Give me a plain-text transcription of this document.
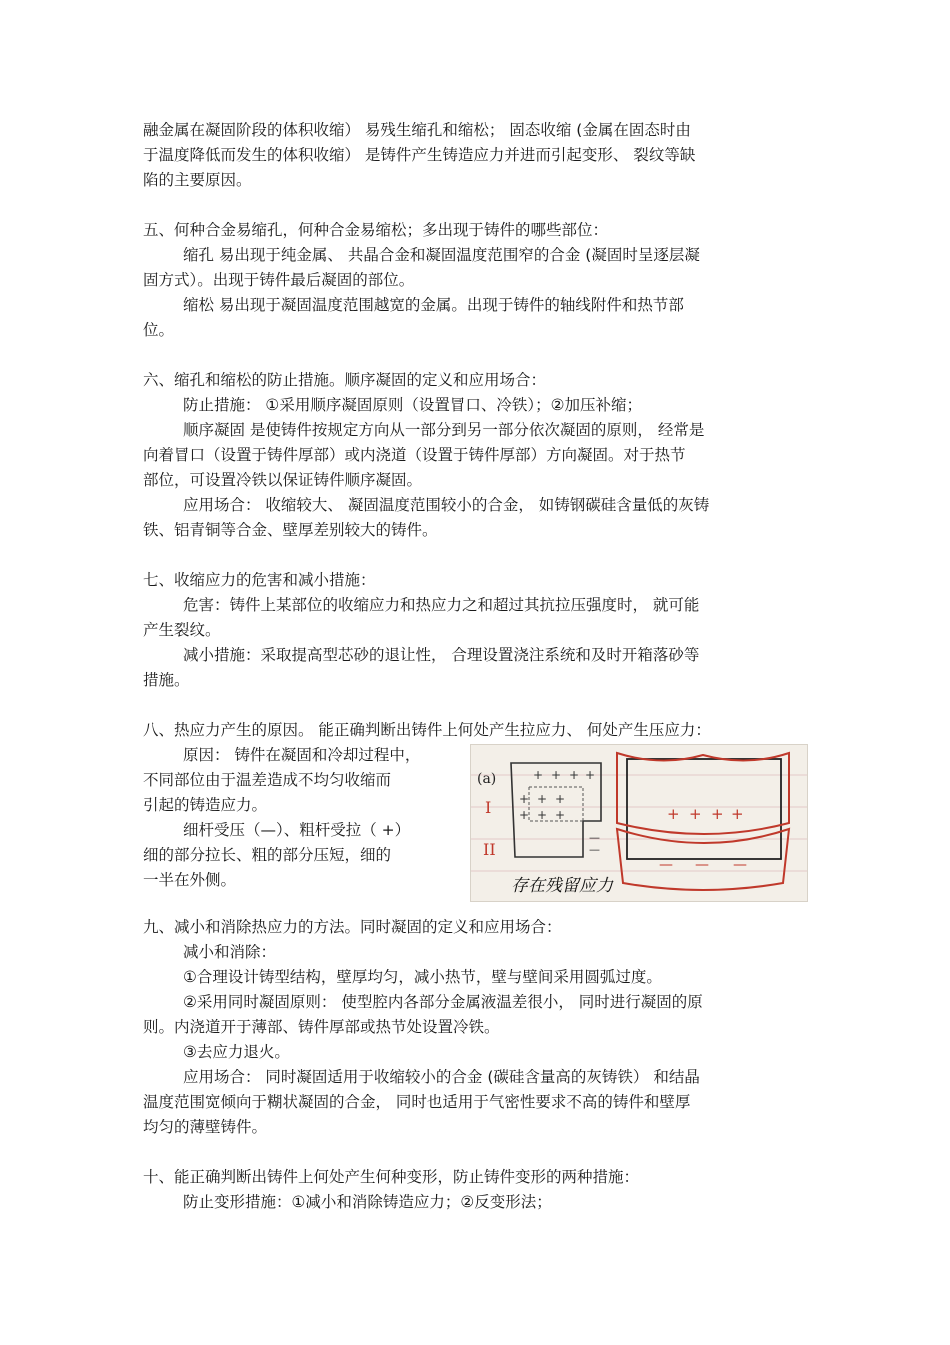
融金属在凝固阶段的体积收缩） 易残生缩孔和缩松； 固态收缩 (金属在固态时由
于温度降低而发生的体积收缩） 是铸件产生铸造应力并进而引起变形、 裂纹等缺
陷的主要原因。
五、何种合金易缩孔，何种合金易缩松；多出现于铸件的哪些部位：
缩孔 易出现于纯金属、 共晶合金和凝固温度范围窄的合金 (凝固时呈逐层凝
固方式）。出现于铸件最后凝固的部位。
缩松 易出现于凝固温度范围越宽的金属。出现于铸件的轴线附件和热节部
位。
六、缩孔和缩松的防止措施。顺序凝固的定义和应用场合：
防止措施： ①采用顺序凝固原则（设置冒口、冷铁）；②加压补缩；
顺序凝固 是使铸件按规定方向从一部分到另一部分依次凝固的原则， 经常是
向着冒口（设置于铸件厚部）或内浇道（设置于铸件厚部）方向凝固。对于热节
部位，可设置冷铁以保证铸件顺序凝固。
应用场合： 收缩较大、 凝固温度范围较小的合金， 如铸钢碳硅含量低的灰铸
铁、铝青铜等合金、壁厚差别较大的铸件。
七、收缩应力的危害和减小措施：
危害：铸件上某部位的收缩应力和热应力之和超过其抗拉压强度时， 就可能
产生裂纹。
减小措施：采取提高型芯砂的退让性， 合理设置浇注系统和及时开箱落砂等
措施。
八、热应力产生的原因。 能正确判断出铸件上何处产生拉应力、 何处产生压应力：
原因： 铸件在凝固和冷却过程中，
不同部位由于温差造成不均匀收缩而
引起的铸造应力。
细杆受压（—）、粗杆受拉（ +）
细的部分拉长、粗的部分压短，细的
一半在外侧。
(a)
I
II
+ + + +
+ + +
+ + +
—
—
+ + + +
— — —
存在残留应力
九、减小和消除热应力的方法。同时凝固的定义和应用场合：
减小和消除：
①合理设计铸型结构，壁厚均匀，减小热节，壁与壁间采用圆弧过度。
②采用同时凝固原则： 使型腔内各部分金属液温差很小， 同时进行凝固的原
则。内浇道开于薄部、铸件厚部或热节处设置冷铁。
③去应力退火。
应用场合： 同时凝固适用于收缩较小的合金 (碳硅含量高的灰铸铁） 和结晶
温度范围宽倾向于糊状凝固的合金， 同时也适用于气密性要求不高的铸件和壁厚
均匀的薄壁铸件。
十、能正确判断出铸件上何处产生何种变形，防止铸件变形的两种措施：
防止变形措施：①减小和消除铸造应力；②反变形法；
